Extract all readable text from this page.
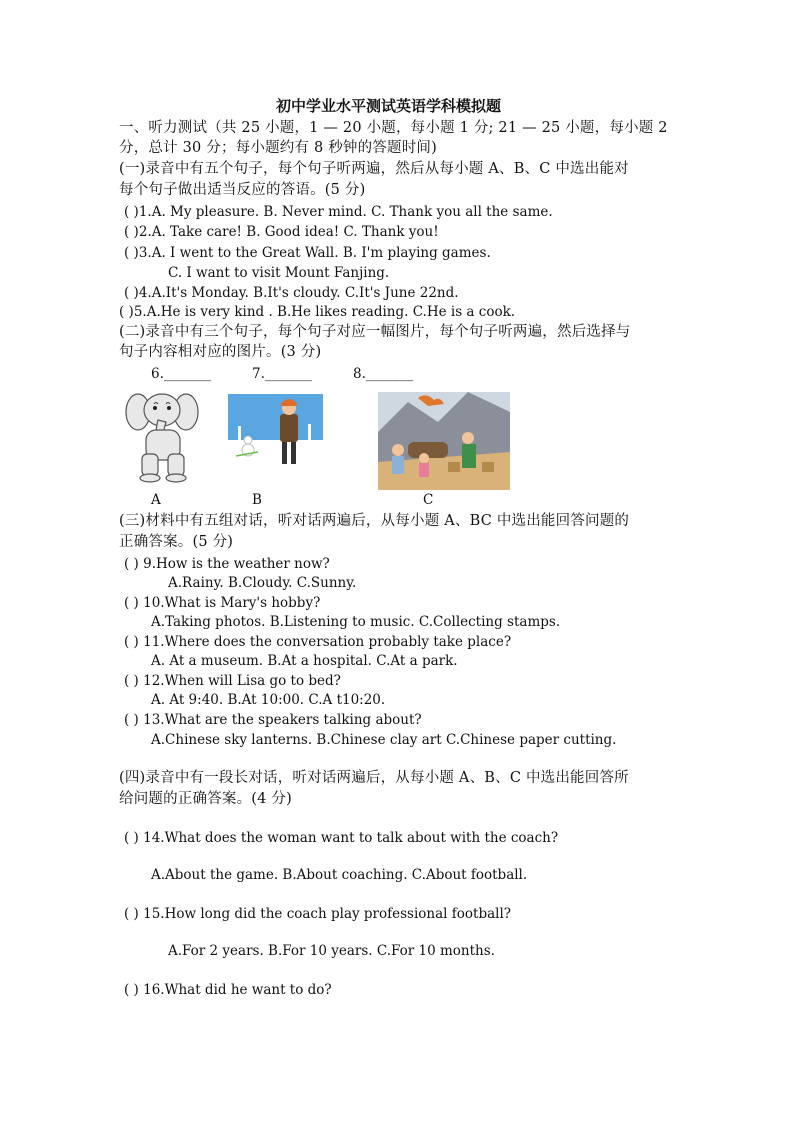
初中学业水平测试英语学科模拟题
一、听力测试（共 25 小题，1 — 20 小题，每小题 1 分; 21 — 25 小题，每小题 2
分，总计 30 分；每小题约有 8 秒钟的答题时间)
(一)录音中有五个句子，每个句子听两遍，然后从每小题 A、B、C 中选出能对
每个句子做出适当反应的答语。(5 分)
( )1.A. My pleasure. B. Never mind. C. Thank you all the same.
( )2.A. Take care! B. Good idea! C. Thank you!
( )3.A. I went to the Great Wall. B. I'm playing games.
C. I want to visit Mount Fanjing.
( )4.A.It's Monday. B.It's cloudy. C.It's June 22nd.
( )5.A.He is very kind . B.He likes reading. C.He is a cook.
(二)录音中有三个句子，每个句子对应一幅图片，每个句子听两遍，然后选择与
句子内容相对应的图片。(3 分)
6._______	7._______	8._______
A	B	C
(三)材料中有五组对话，听对话两遍后，从每小题 A、BC 中选出能回答问题的
正确答案。(5 分)
( ) 9.How is the weather now?
A.Rainy. B.Cloudy. C.Sunny.
( ) 10.What is Mary's hobby?
A.Taking photos. B.Listening to music. C.Collecting stamps.
( ) 11.Where does the conversation probably take place?
A. At a museum. B.At a hospital. C.At a park.
( ) 12.When will Lisa go to bed?
A. At 9:40. B.At 10:00. C.A t10:20.
( ) 13.What are the speakers talking about?
A.Chinese sky lanterns. B.Chinese clay art C.Chinese paper cutting.
(四)录音中有一段长对话，听对话两遍后，从每小题 A、B、C 中选出能回答所
给问题的正确答案。(4 分)
( ) 14.What does the woman want to talk about with the coach?
A.About the game. B.About coaching. C.About football.
( ) 15.How long did the coach play professional football?
A.For 2 years. B.For 10 years. C.For 10 months.
( ) 16.What did he want to do?
